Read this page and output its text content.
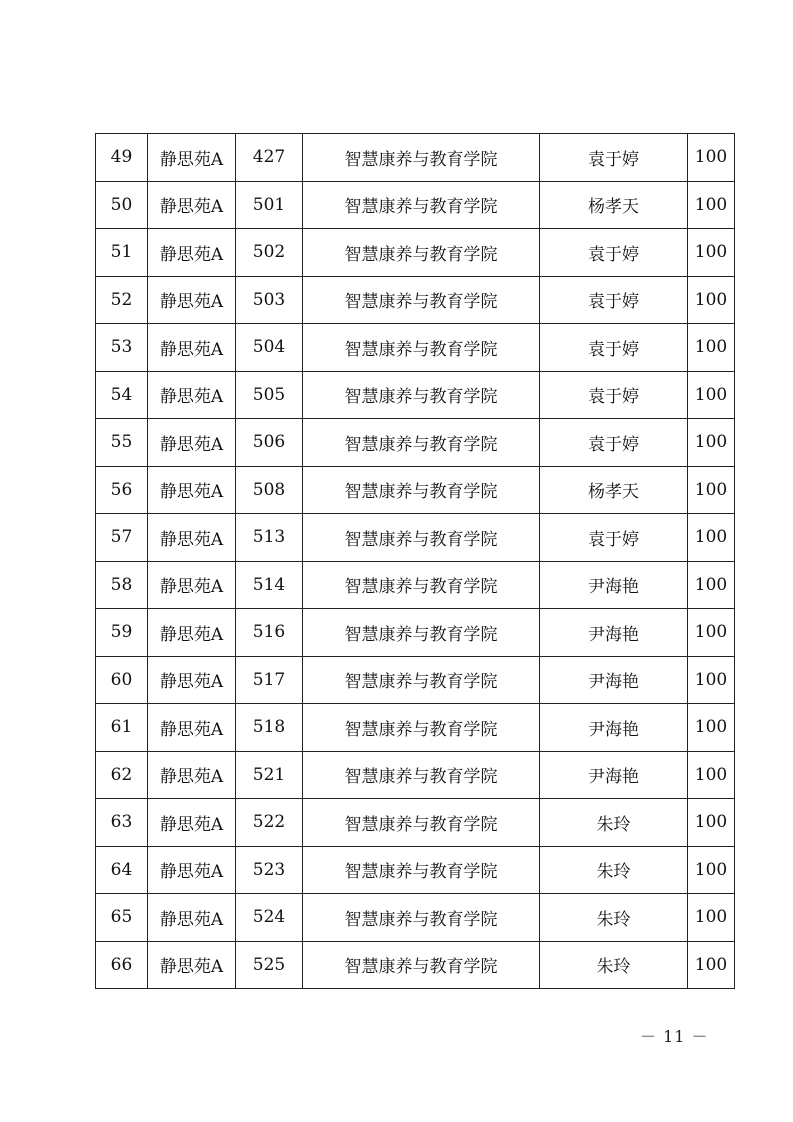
49	静思苑A	427	智慧康养与教育学院	袁于婷	100
50	静思苑A	501	智慧康养与教育学院	杨孝天	100
51	静思苑A	502	智慧康养与教育学院	袁于婷	100
52	静思苑A	503	智慧康养与教育学院	袁于婷	100
53	静思苑A	504	智慧康养与教育学院	袁于婷	100
54	静思苑A	505	智慧康养与教育学院	袁于婷	100
55	静思苑A	506	智慧康养与教育学院	袁于婷	100
56	静思苑A	508	智慧康养与教育学院	杨孝天	100
57	静思苑A	513	智慧康养与教育学院	袁于婷	100
58	静思苑A	514	智慧康养与教育学院	尹海艳	100
59	静思苑A	516	智慧康养与教育学院	尹海艳	100
60	静思苑A	517	智慧康养与教育学院	尹海艳	100
61	静思苑A	518	智慧康养与教育学院	尹海艳	100
62	静思苑A	521	智慧康养与教育学院	尹海艳	100
63	静思苑A	522	智慧康养与教育学院	朱玲	100
64	静思苑A	523	智慧康养与教育学院	朱玲	100
65	静思苑A	524	智慧康养与教育学院	朱玲	100
66	静思苑A	525	智慧康养与教育学院	朱玲	100
－ 11 －
